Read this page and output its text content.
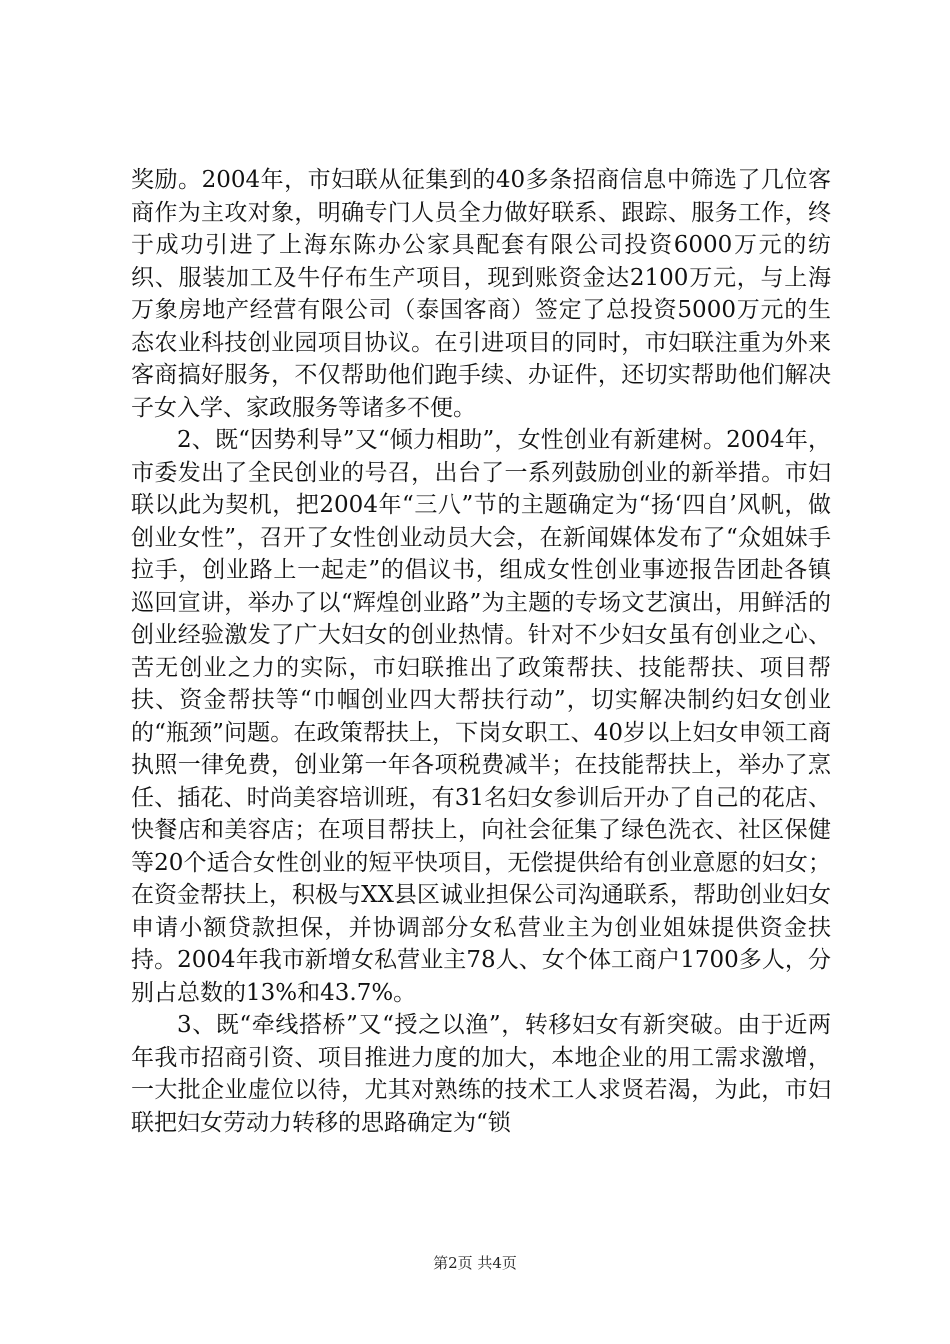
奖励。2004年，市妇联从征集到的40多条招商信息中筛选了几位客商作为主攻对象，明确专门人员全力做好联系、跟踪、服务工作，终于成功引进了上海东陈办公家具配套有限公司投资6000万元的纺织、服装加工及牛仔布生产项目，现到账资金达2100万元，与上海万象房地产经营有限公司（泰国客商）签定了总投资5000万元的生态农业科技创业园项目协议。在引进项目的同时，市妇联注重为外来客商搞好服务，不仅帮助他们跑手续、办证件，还切实帮助他们解决子女入学、家政服务等诸多不便。

2、既“因势利导”又“倾力相助”，女性创业有新建树。2004年，市委发出了全民创业的号召，出台了一系列鼓励创业的新举措。市妇联以此为契机，把2004年“三八”节的主题确定为“扬‘四自’风帆，做创业女性”，召开了女性创业动员大会，在新闻媒体发布了“众姐妹手拉手，创业路上一起走”的倡议书，组成女性创业事迹报告团赴各镇巡回宣讲，举办了以“辉煌创业路”为主题的专场文艺演出，用鲜活的创业经验激发了广大妇女的创业热情。针对不少妇女虽有创业之心、苦无创业之力的实际，市妇联推出了政策帮扶、技能帮扶、项目帮扶、资金帮扶等“巾帼创业四大帮扶行动”，切实解决制约妇女创业的“瓶颈”问题。在政策帮扶上，下岗女职工、40岁以上妇女申领工商执照一律免费，创业第一年各项税费减半；在技能帮扶上，举办了烹任、插花、时尚美容培训班，有31名妇女参训后开办了自己的花店、快餐店和美容店；在项目帮扶上，向社会征集了绿色洗衣、社区保健等20个适合女性创业的短平快项目，无偿提供给有创业意愿的妇女；在资金帮扶上，积极与XX县区诚业担保公司沟通联系，帮助创业妇女申请小额贷款担保，并协调部分女私营业主为创业姐妹提供资金扶持。2004年我市新增女私营业主78人、女个体工商户1700多人，分别占总数的13%和43.7%。

3、既“牵线搭桥”又“授之以渔”，转移妇女有新突破。由于近两年我市招商引资、项目推进力度的加大，本地企业的用工需求激增，一大批企业虚位以待，尤其对熟练的技术工人求贤若渴，为此，市妇联把妇女劳动力转移的思路确定为“锁

第2页 共4页
